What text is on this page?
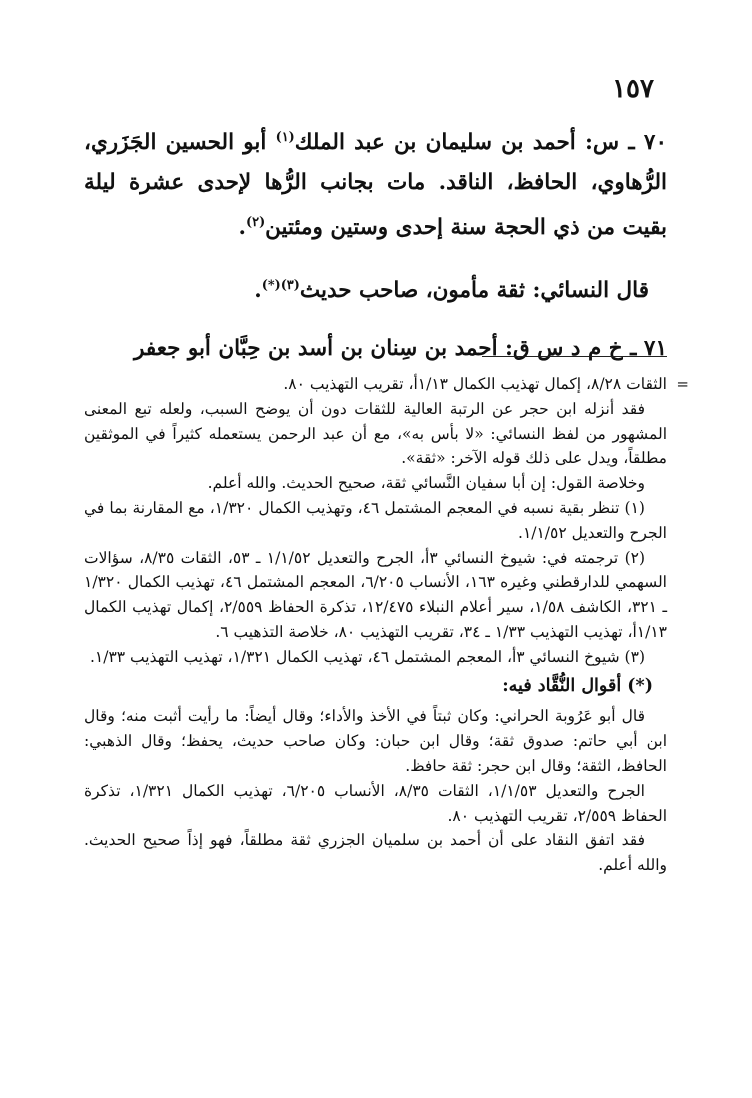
١٥٧

٧٠ ـ س: أحمد بن سليمان بن عبد الملك$^{(١)}$ أبو الحسين الجَزَري، الرُّهاوي، الحافظ، الناقد. مات بجانب الرُّها لإحدى عشرة ليلة بقيت من ذي الحجة سنة إحدى وستين ومئتين$^{(٢)}$.

قال النسائي: ثقة مأمون، صاحب حديث$^{(٣)(*)}$.

٧١ ـ خ م د س ق: أحمد بن سِنان بن أسد بن حِبَّان أبو جعفر

=
الثقات ٨/٢٨، إكمال تهذيب الكمال ١/١٣أ، تقريب التهذيب ٨٠.

فقد أنزله ابن حجر عن الرتبة العالية للثقات دون أن يوضح السبب، ولعله تبع المعنى المشهور من لفظ النسائي: «لا بأس به»، مع أن عبد الرحمن يستعمله كثيراً في الموثقين مطلقاً، ويدل على ذلك قوله الآخر: «ثقة».

وخلاصة القول: إن أبا سفيان النَّسائي ثقة، صحيح الحديث. والله أعلم.

(١) تنظر بقية نسبه في المعجم المشتمل ٤٦، وتهذيب الكمال ١/٣٢٠، مع المقارنة بما في الجرح والتعديل ١/١/٥٢.

(٢) ترجمته في: شيوخ النسائي ٣أ، الجرح والتعديل ١/١/٥٢ ـ ٥٣، الثقات ٨/٣٥، سؤالات السهمي للدارقطني وغيره ١٦٣، الأنساب ٦/٢٠٥، المعجم المشتمل ٤٦، تهذيب الكمال ١/٣٢٠ ـ ٣٢١، الكاشف ١/٥٨، سير أعلام النبلاء ١٢/٤٧٥، تذكرة الحفاظ ٢/٥٥٩، إكمال تهذيب الكمال ١/١٣أ، تهذيب التهذيب ١/٣٣ ـ ٣٤، تقريب التهذيب ٨٠، خلاصة التذهيب ٦.

(٣) شيوخ النسائي ٣أ، المعجم المشتمل ٤٦، تهذيب الكمال ١/٣٢١، تهذيب التهذيب ١/٣٣.

(*) أقوال النُّقَّاد فيه:

قال أبو عَرُوبة الحراني: وكان ثبتاً في الأخذ والأداء؛ وقال أيضاً: ما رأيت أثبت منه؛ وقال ابن أبي حاتم: صدوق ثقة؛ وقال ابن حبان: وكان صاحب حديث، يحفظ؛ وقال الذهبي: الحافظ، الثقة؛ وقال ابن حجر: ثقة حافظ.

الجرح والتعديل ١/١/٥٣، الثقات ٨/٣٥، الأنساب ٦/٢٠٥، تهذيب الكمال ١/٣٢١، تذكرة الحفاظ ٢/٥٥٩، تقريب التهذيب ٨٠.

فقد اتفق النقاد على أن أحمد بن سلميان الجزري ثقة مطلقاً، فهو إذاً صحيح الحديث. والله أعلم.
